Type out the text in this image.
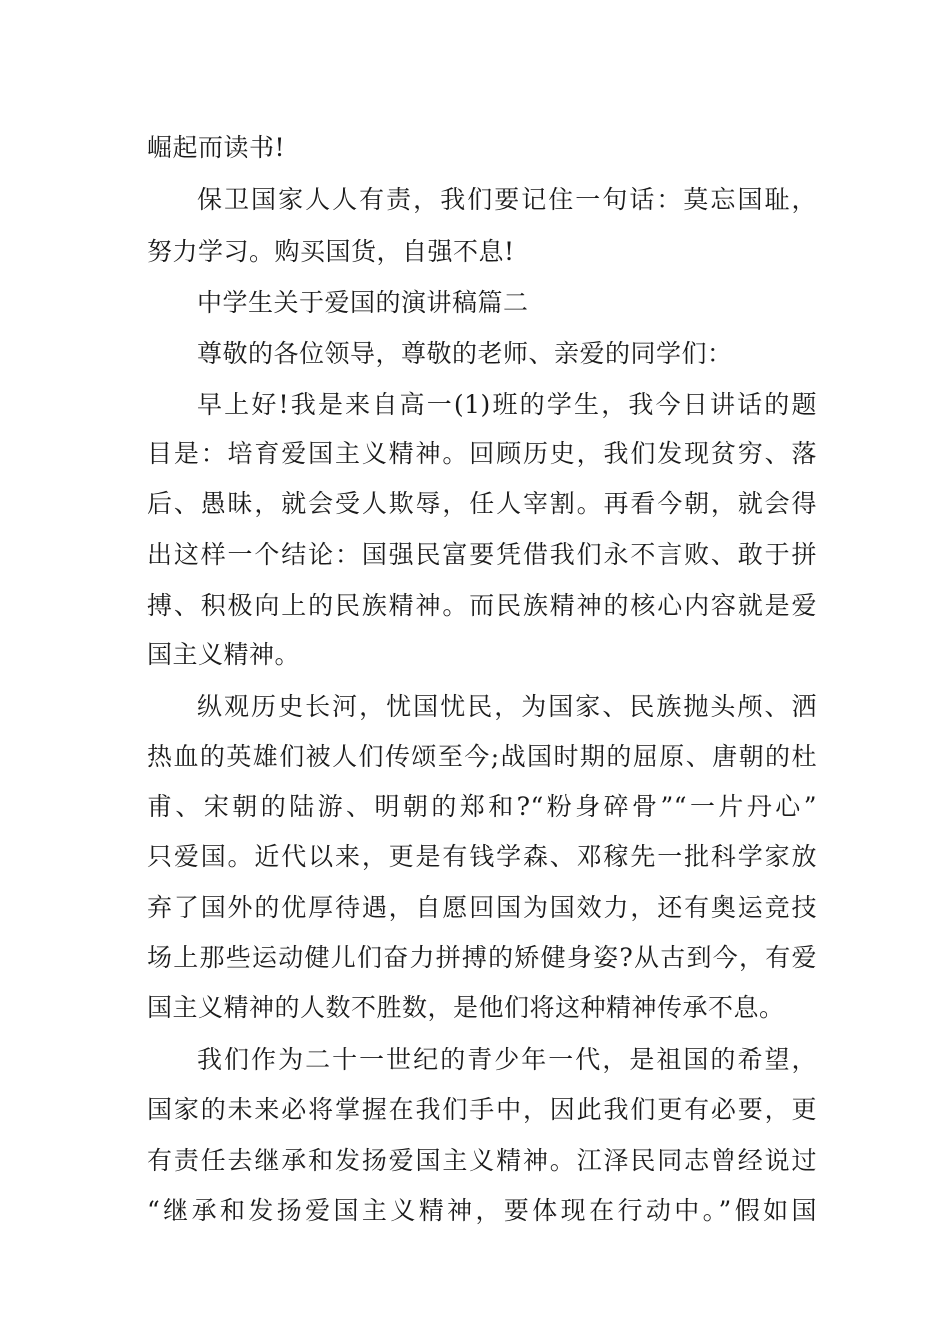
崛起而读书!
保卫国家人人有责，我们要记住一句话：莫忘国耻，
努力学习。购买国货，自强不息!
中学生关于爱国的演讲稿篇二
尊敬的各位领导，尊敬的老师、亲爱的同学们：
早上好!我是来自高一(1)班的学生，我今日讲话的题
目是：培育爱国主义精神。回顾历史，我们发现贫穷、落
后、愚昧，就会受人欺辱，任人宰割。再看今朝，就会得
出这样一个结论：国强民富要凭借我们永不言败、敢于拼
搏、积极向上的民族精神。而民族精神的核心内容就是爱
国主义精神。
纵观历史长河，忧国忧民，为国家、民族抛头颅、洒
热血的英雄们被人们传颂至今;战国时期的屈原、唐朝的杜
甫、宋朝的陆游、明朝的郑和?“粉身碎骨”“一片丹心”
只爱国。近代以来，更是有钱学森、邓稼先一批科学家放
弃了国外的优厚待遇，自愿回国为国效力，还有奥运竞技
场上那些运动健儿们奋力拼搏的矫健身姿?从古到今，有爱
国主义精神的人数不胜数，是他们将这种精神传承不息。
我们作为二十一世纪的青少年一代，是祖国的希望，
国家的未来必将掌握在我们手中，因此我们更有必要，更
有责任去继承和发扬爱国主义精神。江泽民同志曾经说过
“继承和发扬爱国主义精神，要体现在行动中。”假如国
